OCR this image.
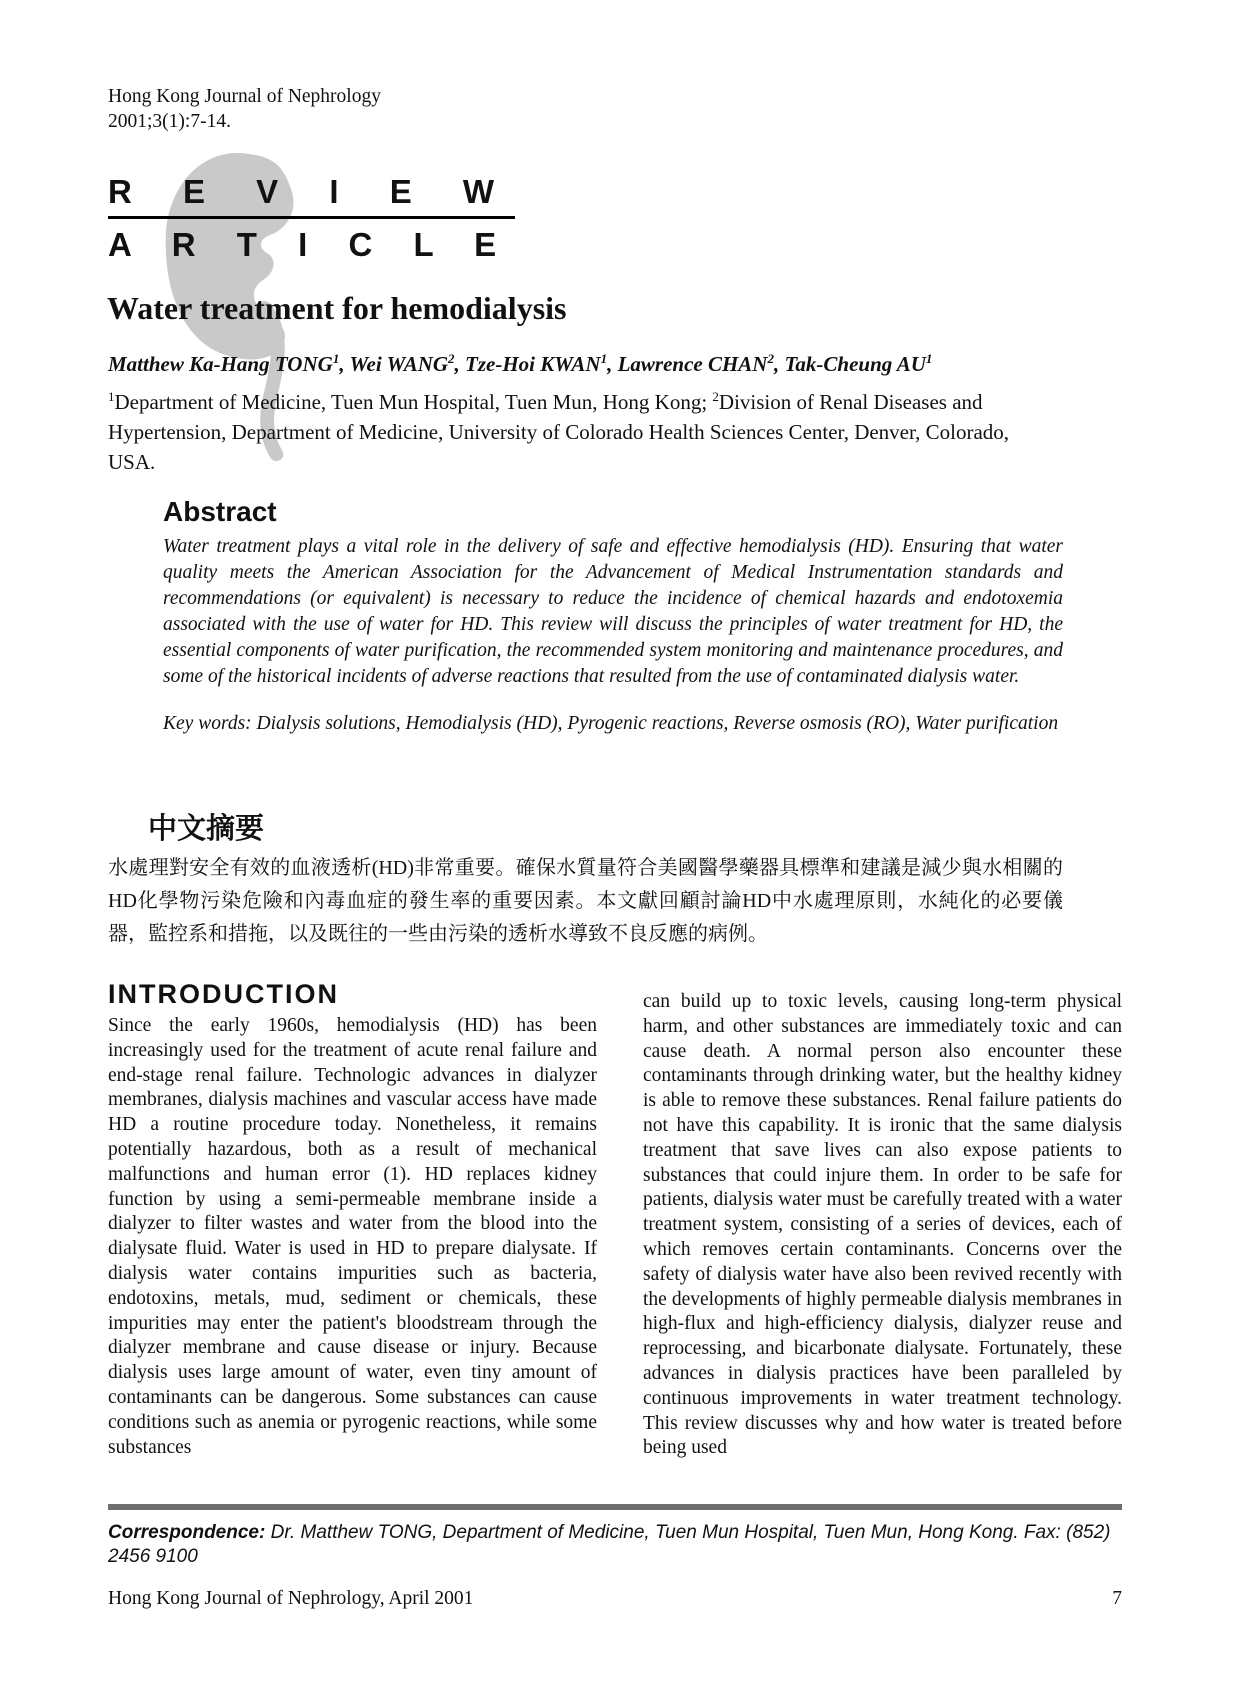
Hong Kong Journal of Nephrology
2001;3(1):7-14.
R E V I E W
A R T I C L E
Water treatment for hemodialysis

Matthew Ka-Hang TONG$^1$, Wei WANG$^2$, Tze-Hoi KWAN$^1$, Lawrence CHAN$^2$, Tak-Cheung $AU^1$

$^1$Department of Medicine, Tuen Mun Hospital, Tuen Mun, Hong Kong; $^2$Division of Renal Diseases and Hypertension, Department of Medicine, University of Colorado Health Sciences Center, Denver, Colorado, USA.

Abstract

Water treatment plays a vital role in the delivery of safe and effective hemodialysis (HD). Ensuring that water quality meets the American Association for the Advancement of Medical Instrumentation standards and recommendations (or equivalent) is necessary to reduce the incidence of chemical hazards and endotoxemia associated with the use of water for HD. This review will discuss the principles of water treatment for HD, the essential components of water purification, the recommended system monitoring and maintenance procedures, and some of the historical incidents of adverse reactions that resulted from the use of contaminated dialysis water.

Key words: Dialysis solutions, Hemodialysis (HD), Pyrogenic reactions, Reverse osmosis (RO), Water purification

中文摘要

水處理對安全有效的血液透析(HD)非常重要。確保水質量符合美國醫學藥器具標準和建議是減少與水相關的HD化學物污染危險和內毒血症的發生率的重要因素。本文獻回顧討論HD中水處理原則，水純化的必要儀器，監控系和措拖，以及既往的一些由污染的透析水導致不良反應的病例。

INTRODUCTION

Since the early 1960s, hemodialysis (HD) has been increasingly used for the treatment of acute renal failure and end-stage renal failure. Technologic advances in dialyzer membranes, dialysis machines and vascular access have made HD a routine procedure today. Nonetheless, it remains potentially hazardous, both as a result of mechanical malfunctions and human error (1). HD replaces kidney function by using a semi-permeable membrane inside a dialyzer to filter wastes and water from the blood into the dialysate fluid. Water is used in HD to prepare dialysate. If dialysis water contains impurities such as bacteria, endotoxins, metals, mud, sediment or chemicals, these impurities may enter the patient's bloodstream through the dialyzer membrane and cause disease or injury. Because dialysis uses large amount of water, even tiny amount of contaminants can be dangerous. Some substances can cause conditions such as anemia or pyrogenic reactions, while some substances

can build up to toxic levels, causing long-term physical harm, and other substances are immediately toxic and can cause death. A normal person also encounter these contaminants through drinking water, but the healthy kidney is able to remove these substances. Renal failure patients do not have this capability. It is ironic that the same dialysis treatment that save lives can also expose patients to substances that could injure them. In order to be safe for patients, dialysis water must be carefully treated with a water treatment system, consisting of a series of devices, each of which removes certain contaminants. Concerns over the safety of dialysis water have also been revived recently with the developments of highly permeable dialysis membranes in high-flux and high-efficiency dialysis, dialyzer reuse and reprocessing, and bicarbonate dialysate. Fortunately, these advances in dialysis practices have been paralleled by continuous improvements in water treatment technology. This review discusses why and how water is treated before being used

Correspondence: Dr. Matthew TONG, Department of Medicine, Tuen Mun Hospital, Tuen Mun, Hong Kong. Fax: (852) 2456 9100

Hong Kong Journal of Nephrology, April 2001	7
